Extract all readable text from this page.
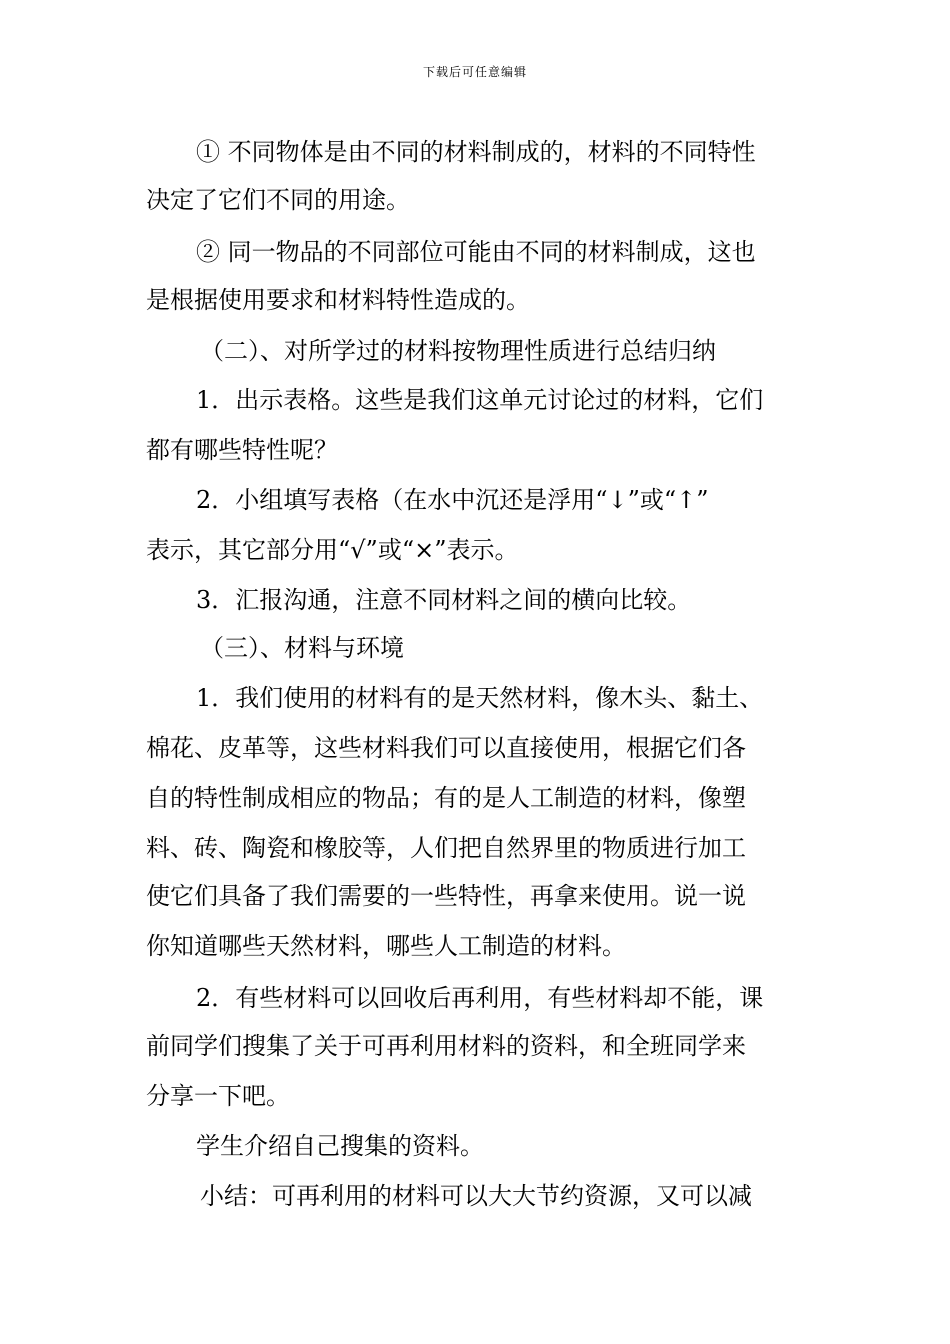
下载后可任意编辑
① 不同物体是由不同的材料制成的，材料的不同特性
决定了它们不同的用途。
② 同一物品的不同部位可能由不同的材料制成，这也
是根据使用要求和材料特性造成的。
（二）、对所学过的材料按物理性质进行总结归纳
1．出示表格。这些是我们这单元讨论过的材料，它们
都有哪些特性呢？
2．小组填写表格（在水中沉还是浮用“↓”或“↑”
表示，其它部分用“√”或“×”表示。
3．汇报沟通，注意不同材料之间的横向比较。
（三）、材料与环境
1．我们使用的材料有的是天然材料，像木头、黏土、
棉花、皮革等，这些材料我们可以直接使用，根据它们各
自的特性制成相应的物品；有的是人工制造的材料，像塑
料、砖、陶瓷和橡胶等，人们把自然界里的物质进行加工
使它们具备了我们需要的一些特性，再拿来使用。说一说
你知道哪些天然材料，哪些人工制造的材料。
2．有些材料可以回收后再利用，有些材料却不能，课
前同学们搜集了关于可再利用材料的资料，和全班同学来
分享一下吧。
学生介绍自己搜集的资料。
小结：可再利用的材料可以大大节约资源，又可以减
